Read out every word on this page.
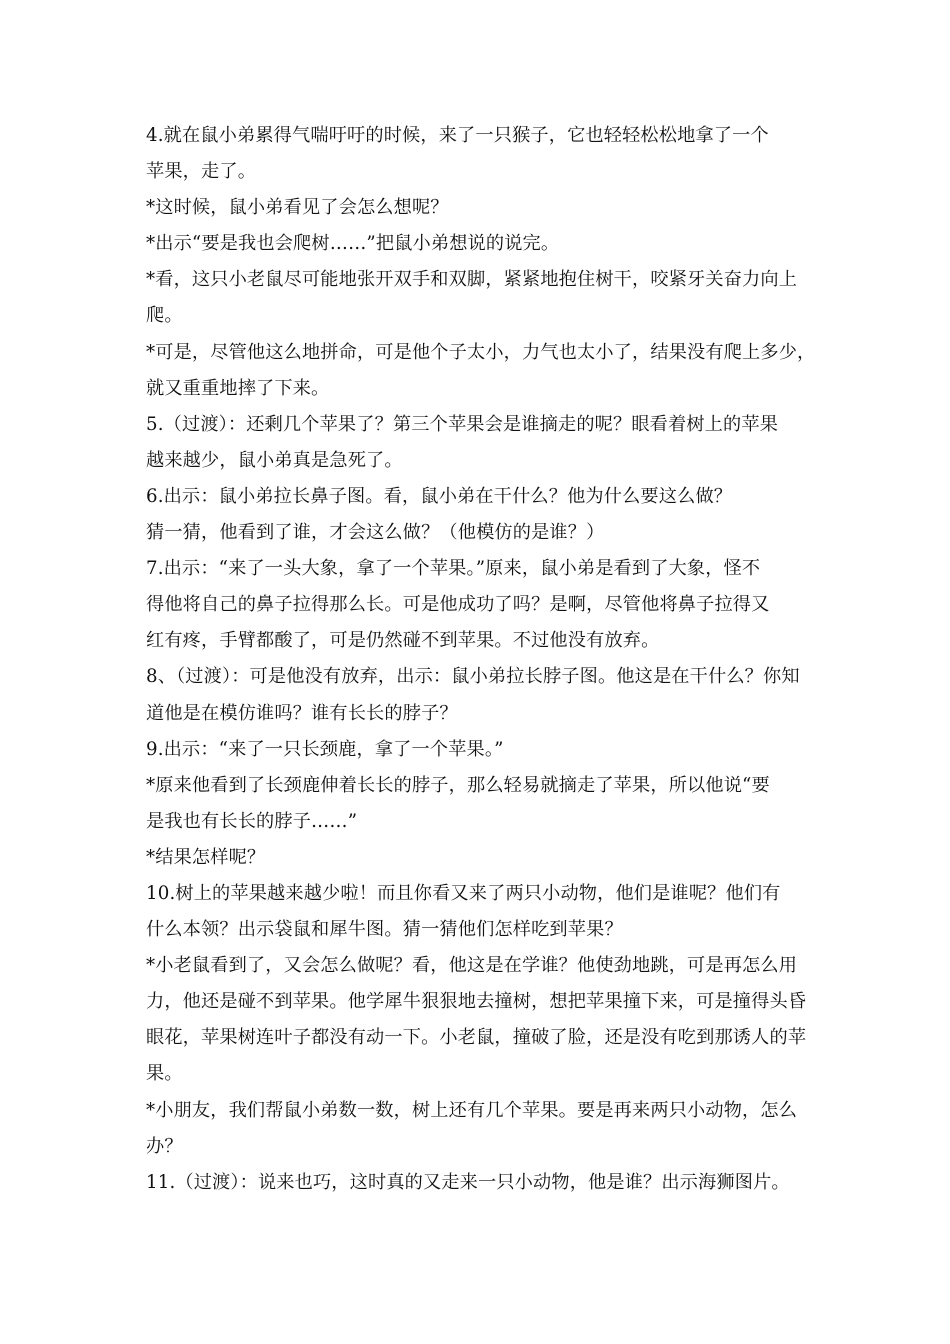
4.就在鼠小弟累得气喘吁吁的时候，来了一只猴子，它也轻轻松松地拿了一个
苹果，走了。
*这时候，鼠小弟看见了会怎么想呢？
*出示“要是我也会爬树……”把鼠小弟想说的说完。
*看，这只小老鼠尽可能地张开双手和双脚，紧紧地抱住树干，咬紧牙关奋力向上
爬。
*可是，尽管他这么地拼命，可是他个子太小，力气也太小了，结果没有爬上多少，
就又重重地摔了下来。
5.（过渡）：还剩几个苹果了？第三个苹果会是谁摘走的呢？眼看着树上的苹果
越来越少，鼠小弟真是急死了。
6.出示：鼠小弟拉长鼻子图。看，鼠小弟在干什么？他为什么要这么做？
猜一猜，他看到了谁，才会这么做？（他模仿的是谁？）
7.出示：“来了一头大象，拿了一个苹果。”原来，鼠小弟是看到了大象，怪不
得他将自己的鼻子拉得那么长。可是他成功了吗？是啊，尽管他将鼻子拉得又
红有疼，手臂都酸了，可是仍然碰不到苹果。不过他没有放弃。
8、（过渡）：可是他没有放弃，出示：鼠小弟拉长脖子图。他这是在干什么？你知
道他是在模仿谁吗？谁有长长的脖子？
9.出示：“来了一只长颈鹿，拿了一个苹果。”
*原来他看到了长颈鹿伸着长长的脖子，那么轻易就摘走了苹果，所以他说“要
是我也有长长的脖子……”
*结果怎样呢？
10.树上的苹果越来越少啦！而且你看又来了两只小动物，他们是谁呢？他们有
什么本领？出示袋鼠和犀牛图。猜一猜他们怎样吃到苹果？
*小老鼠看到了，又会怎么做呢？看，他这是在学谁？他使劲地跳，可是再怎么用
力，他还是碰不到苹果。他学犀牛狠狠地去撞树，想把苹果撞下来，可是撞得头昏
眼花，苹果树连叶子都没有动一下。小老鼠，撞破了脸，还是没有吃到那诱人的苹
果。
*小朋友，我们帮鼠小弟数一数，树上还有几个苹果。要是再来两只小动物，怎么
办？
11.（过渡）：说来也巧，这时真的又走来一只小动物，他是谁？出示海狮图片。
